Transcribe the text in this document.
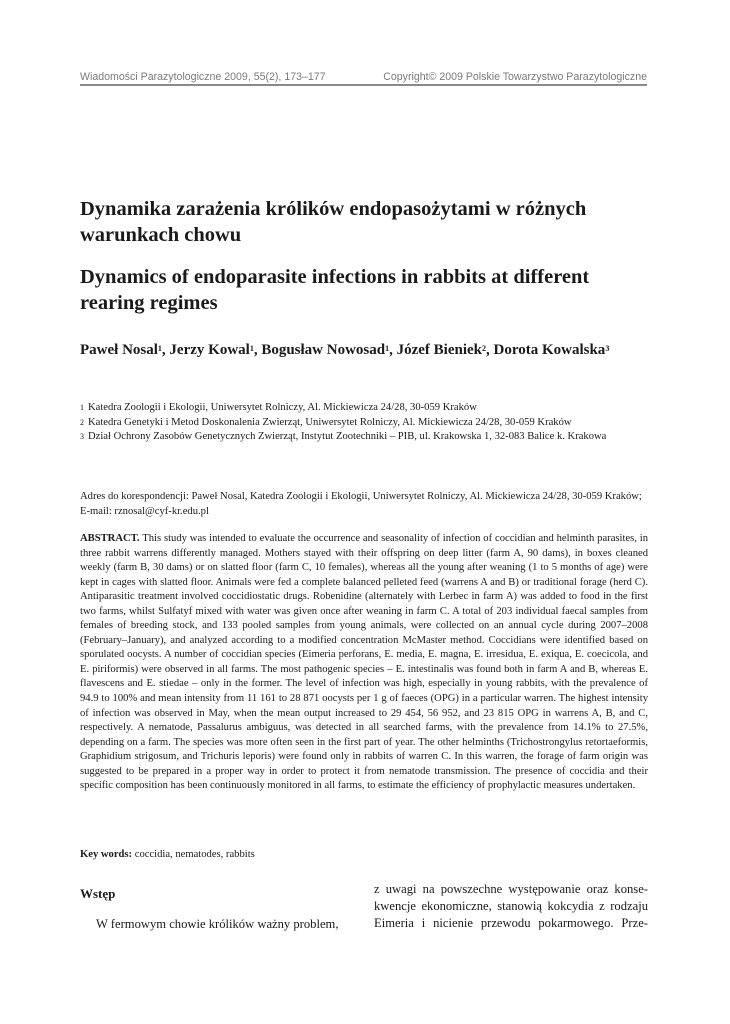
Wiadomości Parazytologiczne 2009, 55(2), 173–177	Copyright© 2009 Polskie Towarzystwo Parazytologiczne
Dynamika zarażenia królików endopasożytami w różnych warunkach chowu
Dynamics of endoparasite infections in rabbits at different rearing regimes

Paweł Nosal$^1$, Jerzy Kowal$^1$, Bogusław Nowosad$^1$, Józef Bieniek$^2$, Dorota Kowalska$^3$

$^1$ Katedra Zoologii i Ekologii, Uniwersytet Rolniczy, Al. Mickiewicza 24/28, 30-059 Kraków

$^2$ Katedra Genetyki i Metod Doskonalenia Zwierząt, Uniwersytet Rolniczy, Al. Mickiewicza 24/28, 30-059 Kraków

$^3$ Dział Ochrony Zasobów Genetycznych Zwierząt, Instytut Zootechniki – PIB, ul. Krakowska 1, 32-083 Balice k. Krakowa

Adres do korespondencji: Paweł Nosal, Katedra Zoologii i Ekologii, Uniwersytet Rolniczy, Al. Mickiewicza 24/28, 30-059 Kraków; E-mail: rznosal@cyf-kr.edu.pl

ABSTRACT. This study was intended to evaluate the occurrence and seasonality of infection of coccidian and helminth parasites, in three rabbit warrens differently managed. Mothers stayed with their offspring on deep litter (farm A, 90 dams), in boxes cleaned weekly (farm B, 30 dams) or on slatted floor (farm C, 10 females), whereas all the young after weaning (1 to 5 months of age) were kept in cages with slatted floor. Animals were fed a complete balanced pelleted feed (warrens A and B) or traditional forage (herd C). Antiparasitic treatment involved coccidiostatic drugs. Robenidine (alternately with Lerbec in farm A) was added to food in the first two farms, whilst Sulfatyf mixed with water was given once after weaning in farm C. A total of 203 individual faecal samples from females of breeding stock, and 133 pooled samples from young animals, were collected on an annual cycle during 2007–2008 (February–January), and analyzed according to a modified concentration McMaster method. Coccidians were identified based on sporulated oocysts. A number of coccidian species (Eimeria perforans, E. media, E. magna, E. irresidua, E. exiqua, E. coecicola, and E. piriformis) were observed in all farms. The most pathogenic species – E. intestinalis was found both in farm A and B, whereas E. flavescens and E. stiedae – only in the former. The level of infection was high, especially in young rabbits, with the prevalence of 94.9 to 100% and mean intensity from 11 161 to 28 871 oocysts per 1 g of faeces (OPG) in a particular warren. The highest intensity of infection was observed in May, when the mean output increased to 29 454, 56 952, and 23 815 OPG in warrens A, B, and C, respectively. A nematode, Passalurus ambiguus, was detected in all searched farms, with the prevalence from 14.1% to 27.5%, depending on a farm. The species was more often seen in the first part of year. The other helminths (Trichostrongylus retortaeformis, Graphidium strigosum, and Trichuris leporis) were found only in rabbits of warren C. In this warren, the forage of farm origin was suggested to be prepared in a proper way in order to protect it from nematode transmission. The presence of coccidia and their specific composition has been continuously monitored in all farms, to estimate the efficiency of prophylactic measures undertaken.

Key words: coccidia, nematodes, rabbits

Wstęp

W fermowym chowie królików ważny problem,

z uwagi na powszechne występowanie oraz konse-
kwencje ekonomiczne, stanowią kokcydia z rodzaju
Eimeria i nicienie przewodu pokarmowego. Prze-
